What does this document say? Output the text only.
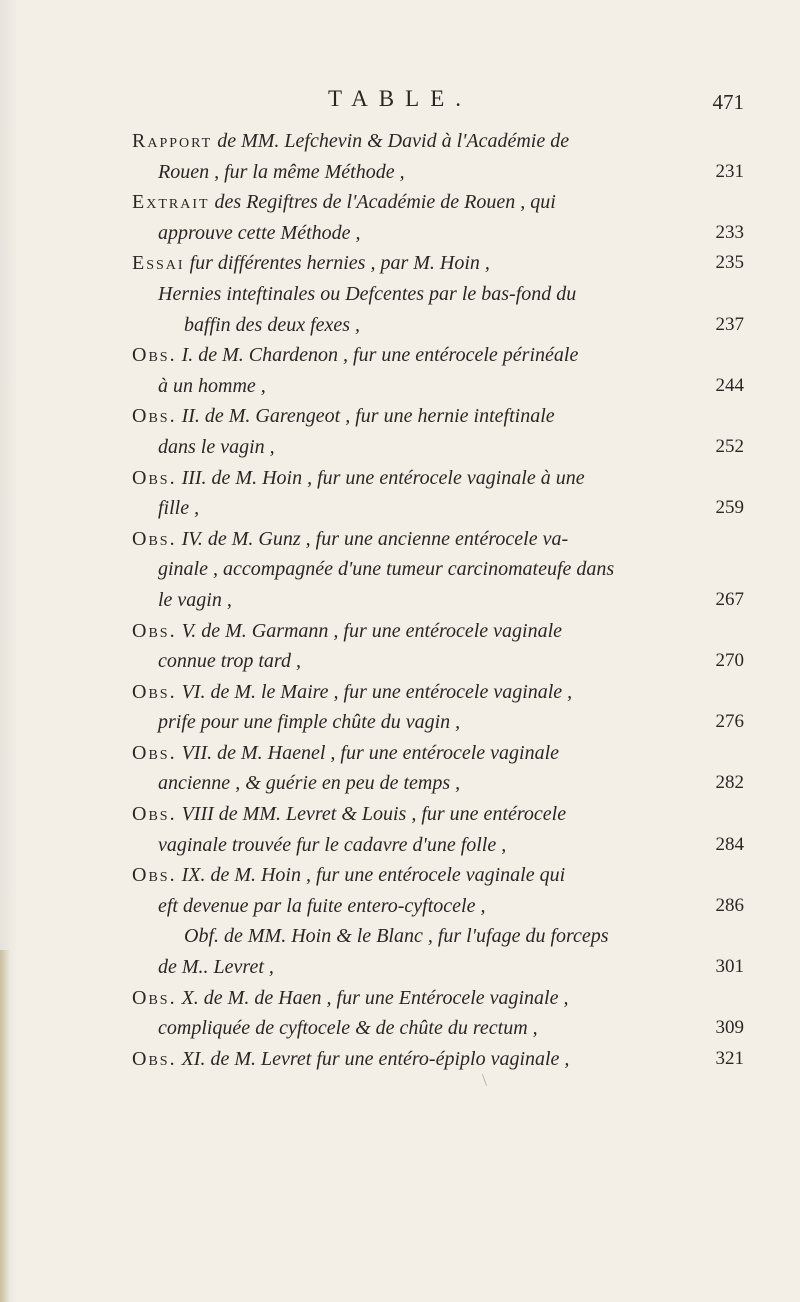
TABLE.	471
Rapport de MM. Lefchevin & David à l'Académie de
Rouen , fur la même Méthode ,	231
Extrait des Regiftres de l'Académie de Rouen , qui
approuve cette Méthode ,	233
Essai fur différentes hernies , par M. Hoin ,	235
Hernies inteftinales ou Defcentes par le bas-fond du
baffin des deux fexes ,	237
Obs. I. de M. Chardenon , fur une entérocele périnéale
à un homme ,	244
Obs. II. de M. Garengeot , fur une hernie inteftinale
dans le vagin ,	252
Obs. III. de M. Hoin , fur une entérocele vaginale à une
fille ,	259
Obs. IV. de M. Gunz , fur une ancienne entérocele va-
ginale , accompagnée d'une tumeur carcinomateufe dans
le vagin ,	267
Obs. V. de M. Garmann , fur une entérocele vaginale
connue trop tard ,	270
Obs. VI. de M. le Maire , fur une entérocele vaginale ,
prife pour une fimple chûte du vagin ,	276
Obs. VII. de M. Haenel , fur une entérocele vaginale
ancienne , & guérie en peu de temps ,	282
Obs. VIII de MM. Levret & Louis , fur une entérocele
vaginale trouvée fur le cadavre d'une folle ,	284
Obs. IX. de M. Hoin , fur une entérocele vaginale qui
eft devenue par la fuite entero-cyftocele ,	286
Obf. de MM. Hoin & le Blanc , fur l'ufage du forceps
de M.. Levret ,	301
Obs. X. de M. de Haen , fur une Entérocele vaginale ,
compliquée de cyftocele & de chûte du rectum ,	309
Obs. XI. de M. Levret fur une entéro-épiplo vaginale ,	321
